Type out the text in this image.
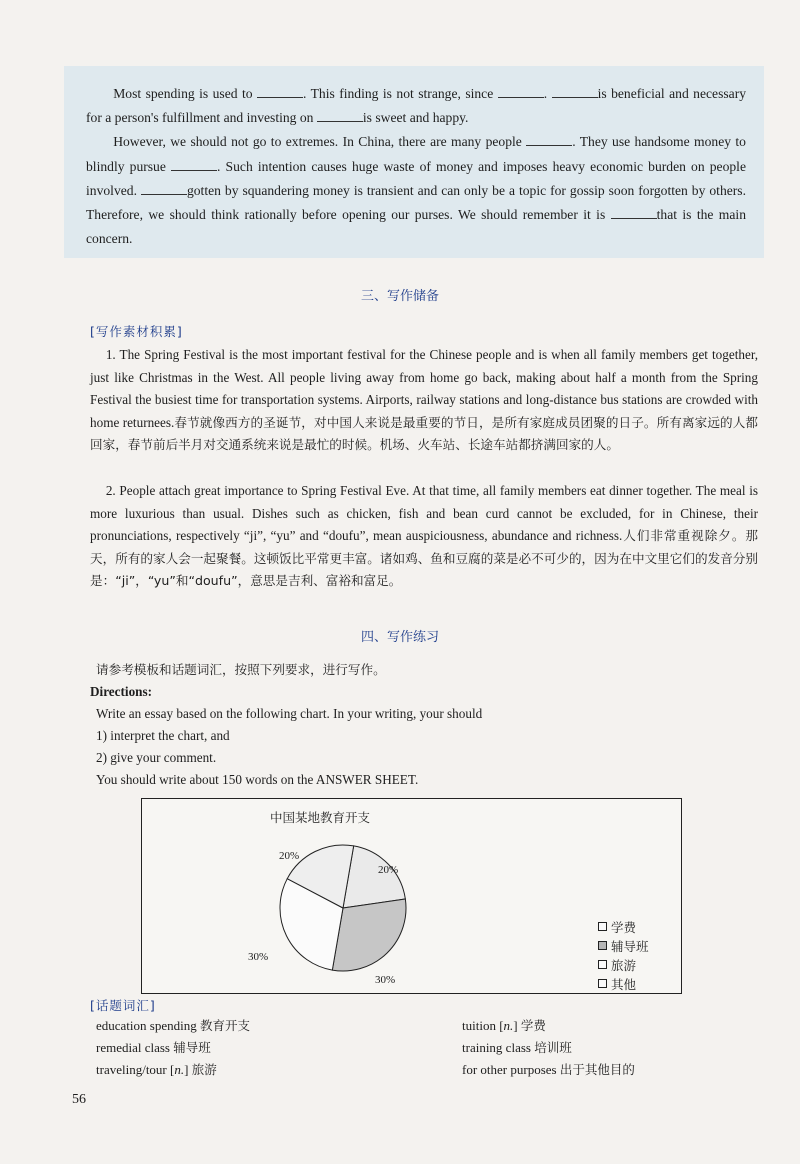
Most spending is used to	. This finding is not strange, since	.	is beneficial and necessary for a person's fulfillment and investing on	is sweet and happy.

However, we should not go to extremes. In China, there are many people	. They use handsome money to blindly pursue	. Such intention causes huge waste of money and imposes heavy economic burden on people involved.	gotten by squandering money is transient and can only be a topic for gossip soon forgotten by others. Therefore, we should think rationally before opening our purses. We should remember it is	that is the main concern.

三、写作储备
[写作素材积累]
1. The Spring Festival is the most important festival for the Chinese people and is when all family members get together, just like Christmas in the West. All people living away from home go back, making about half a month from the Spring Festival the busiest time for transportation systems. Airports, railway stations and long-distance bus stations are crowded with home returnees.春节就像西方的圣诞节，对中国人来说是最重要的节日，是所有家庭成员团聚的日子。所有离家远的人都回家，春节前后半月对交通系统来说是最忙的时候。机场、火车站、长途车站都挤满回家的人。
2. People attach great importance to Spring Festival Eve. At that time, all family members eat dinner together. The meal is more luxurious than usual. Dishes such as chicken, fish and bean curd cannot be excluded, for in Chinese, their pronunciations, respectively “ji”, “yu” and “doufu”, mean auspiciousness, abundance and richness.人们非常重视除夕。那天，所有的家人会一起聚餐。这顿饭比平常更丰富。诸如鸡、鱼和豆腐的菜是必不可少的，因为在中文里它们的发音分别是：“ji”，“yu”和“doufu”，意思是吉利、富裕和富足。
四、写作练习
请参考模板和话题词汇，按照下列要求，进行写作。
Directions:
Write an essay based on the following chart. In your writing, your should
1) interpret the chart, and
2) give your comment.
You should write about 150 words on the ANSWER SHEET.
中国某地教育开支
20%
30%
30%
20%
学费
辅导班
旅游
其他
[话题词汇]
education spending 教育开支	tuition [n.] 学费
remedial class 辅导班	training class 培训班
traveling/tour [n.] 旅游	for other purposes 出于其他目的
56
